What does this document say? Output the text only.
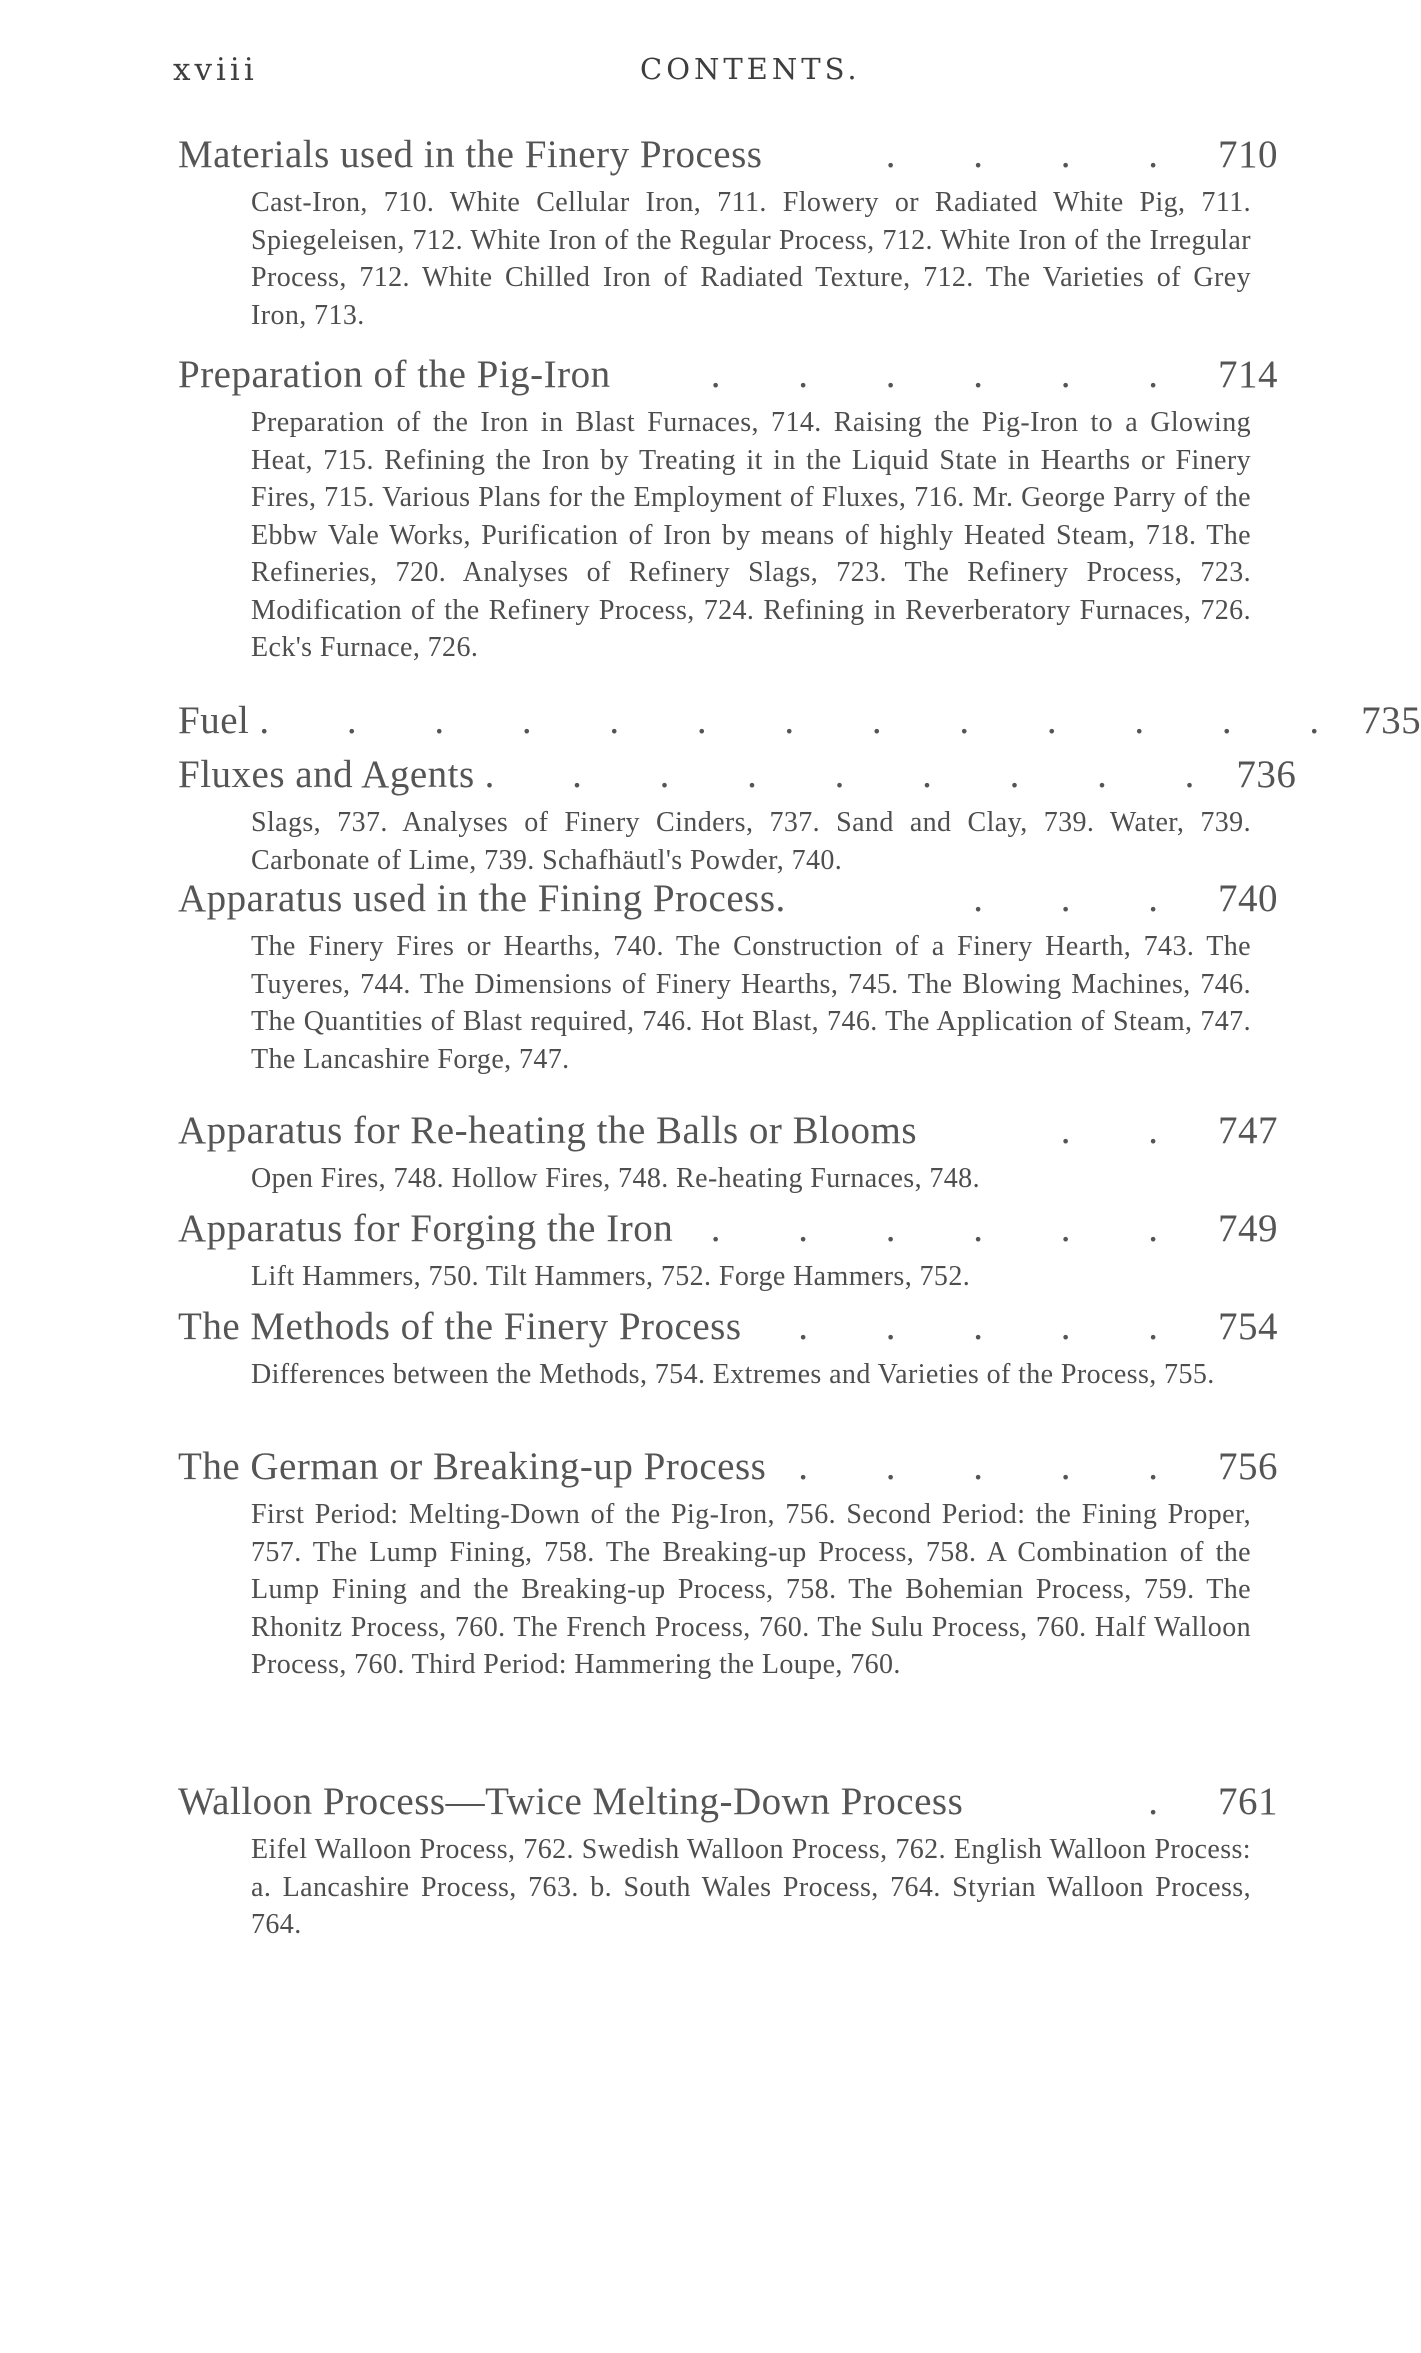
xviii	CONTENTS.
Materials used in the Finery Process	. . . . 710
Cast-Iron, 710. White Cellular Iron, 711. Flowery or Radiated White Pig, 711. Spiegeleisen, 712. White Iron of the Regular Process, 712. White Iron of the Irregular Process, 712. White Chilled Iron of Radiated Texture, 712. The Varieties of Grey Iron, 713.
Preparation of the Pig-Iron	. . . . . . 714
Preparation of the Iron in Blast Furnaces, 714. Raising the Pig-Iron to a Glowing Heat, 715. Refining the Iron by Treating it in the Liquid State in Hearths or Finery Fires, 715. Various Plans for the Employment of Fluxes, 716. Mr. George Parry of the Ebbw Vale Works, Purification of Iron by means of highly Heated Steam, 718. The Refineries, 720. Analyses of Refinery Slags, 723. The Refinery Process, 723. Modification of the Refinery Process, 724. Refining in Reverberatory Furnaces, 726. Eck's Furnace, 726.
Fuel . . . . . . . . . . . . . 735
Fluxes and Agents . . . . . . . . . 736
Slags, 737. Analyses of Finery Cinders, 737. Sand and Clay, 739. Water, 739. Carbonate of Lime, 739. Schafhäutl's Powder, 740.
Apparatus used in the Fining Process.	. . . 740
The Finery Fires or Hearths, 740. The Construction of a Finery Hearth, 743. The Tuyeres, 744. The Dimensions of Finery Hearths, 745. The Blowing Machines, 746. The Quantities of Blast required, 746. Hot Blast, 746. The Application of Steam, 747. The Lancashire Forge, 747.
Apparatus for Re-heating the Balls or Blooms	. . 747
Open Fires, 748. Hollow Fires, 748. Re-heating Furnaces, 748.
Apparatus for Forging the Iron . . . . . . 749
Lift Hammers, 750. Tilt Hammers, 752. Forge Hammers, 752.
The Methods of the Finery Process	. . . . . 754
Differences between the Methods, 754. Extremes and Varieties of the Process, 755.
The German or Breaking-up Process . . . . . 756
First Period: Melting-Down of the Pig-Iron, 756. Second Period: the Fining Proper, 757. The Lump Fining, 758. The Breaking-up Process, 758. A Combination of the Lump Fining and the Breaking-up Process, 758. The Bohemian Process, 759. The Rhonitz Process, 760. The French Process, 760. The Sulu Process, 760. Half Walloon Process, 760. Third Period: Hammering the Loupe, 760.
Walloon Process—Twice Melting-Down Process	. 761
Eifel Walloon Process, 762. Swedish Walloon Process, 762. English Walloon Process: a. Lancashire Process, 763. b. South Wales Process, 764. Styrian Walloon Process, 764.
